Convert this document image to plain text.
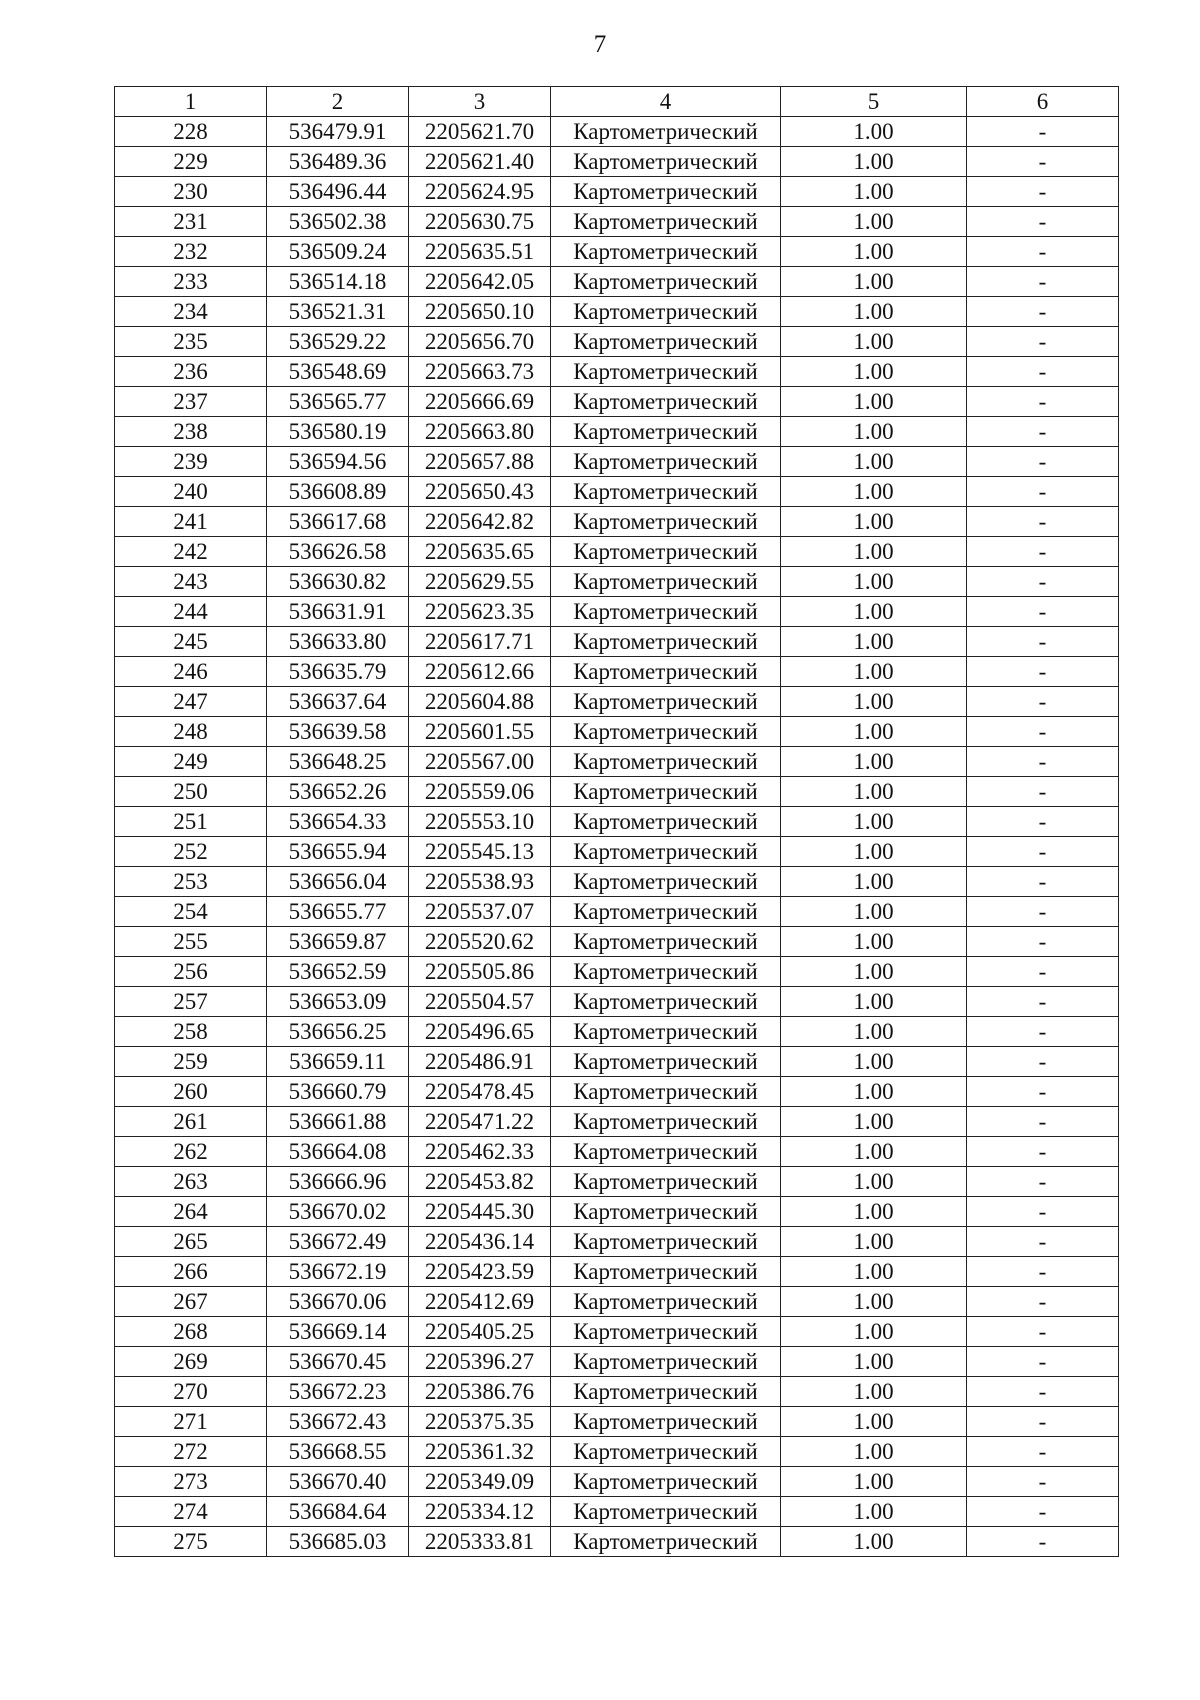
7
1	2	3	4	5	6
228	536479.91	2205621.70	Картометрический	1.00	-
229	536489.36	2205621.40	Картометрический	1.00	-
230	536496.44	2205624.95	Картометрический	1.00	-
231	536502.38	2205630.75	Картометрический	1.00	-
232	536509.24	2205635.51	Картометрический	1.00	-
233	536514.18	2205642.05	Картометрический	1.00	-
234	536521.31	2205650.10	Картометрический	1.00	-
235	536529.22	2205656.70	Картометрический	1.00	-
236	536548.69	2205663.73	Картометрический	1.00	-
237	536565.77	2205666.69	Картометрический	1.00	-
238	536580.19	2205663.80	Картометрический	1.00	-
239	536594.56	2205657.88	Картометрический	1.00	-
240	536608.89	2205650.43	Картометрический	1.00	-
241	536617.68	2205642.82	Картометрический	1.00	-
242	536626.58	2205635.65	Картометрический	1.00	-
243	536630.82	2205629.55	Картометрический	1.00	-
244	536631.91	2205623.35	Картометрический	1.00	-
245	536633.80	2205617.71	Картометрический	1.00	-
246	536635.79	2205612.66	Картометрический	1.00	-
247	536637.64	2205604.88	Картометрический	1.00	-
248	536639.58	2205601.55	Картометрический	1.00	-
249	536648.25	2205567.00	Картометрический	1.00	-
250	536652.26	2205559.06	Картометрический	1.00	-
251	536654.33	2205553.10	Картометрический	1.00	-
252	536655.94	2205545.13	Картометрический	1.00	-
253	536656.04	2205538.93	Картометрический	1.00	-
254	536655.77	2205537.07	Картометрический	1.00	-
255	536659.87	2205520.62	Картометрический	1.00	-
256	536652.59	2205505.86	Картометрический	1.00	-
257	536653.09	2205504.57	Картометрический	1.00	-
258	536656.25	2205496.65	Картометрический	1.00	-
259	536659.11	2205486.91	Картометрический	1.00	-
260	536660.79	2205478.45	Картометрический	1.00	-
261	536661.88	2205471.22	Картометрический	1.00	-
262	536664.08	2205462.33	Картометрический	1.00	-
263	536666.96	2205453.82	Картометрический	1.00	-
264	536670.02	2205445.30	Картометрический	1.00	-
265	536672.49	2205436.14	Картометрический	1.00	-
266	536672.19	2205423.59	Картометрический	1.00	-
267	536670.06	2205412.69	Картометрический	1.00	-
268	536669.14	2205405.25	Картометрический	1.00	-
269	536670.45	2205396.27	Картометрический	1.00	-
270	536672.23	2205386.76	Картометрический	1.00	-
271	536672.43	2205375.35	Картометрический	1.00	-
272	536668.55	2205361.32	Картометрический	1.00	-
273	536670.40	2205349.09	Картометрический	1.00	-
274	536684.64	2205334.12	Картометрический	1.00	-
275	536685.03	2205333.81	Картометрический	1.00	-
